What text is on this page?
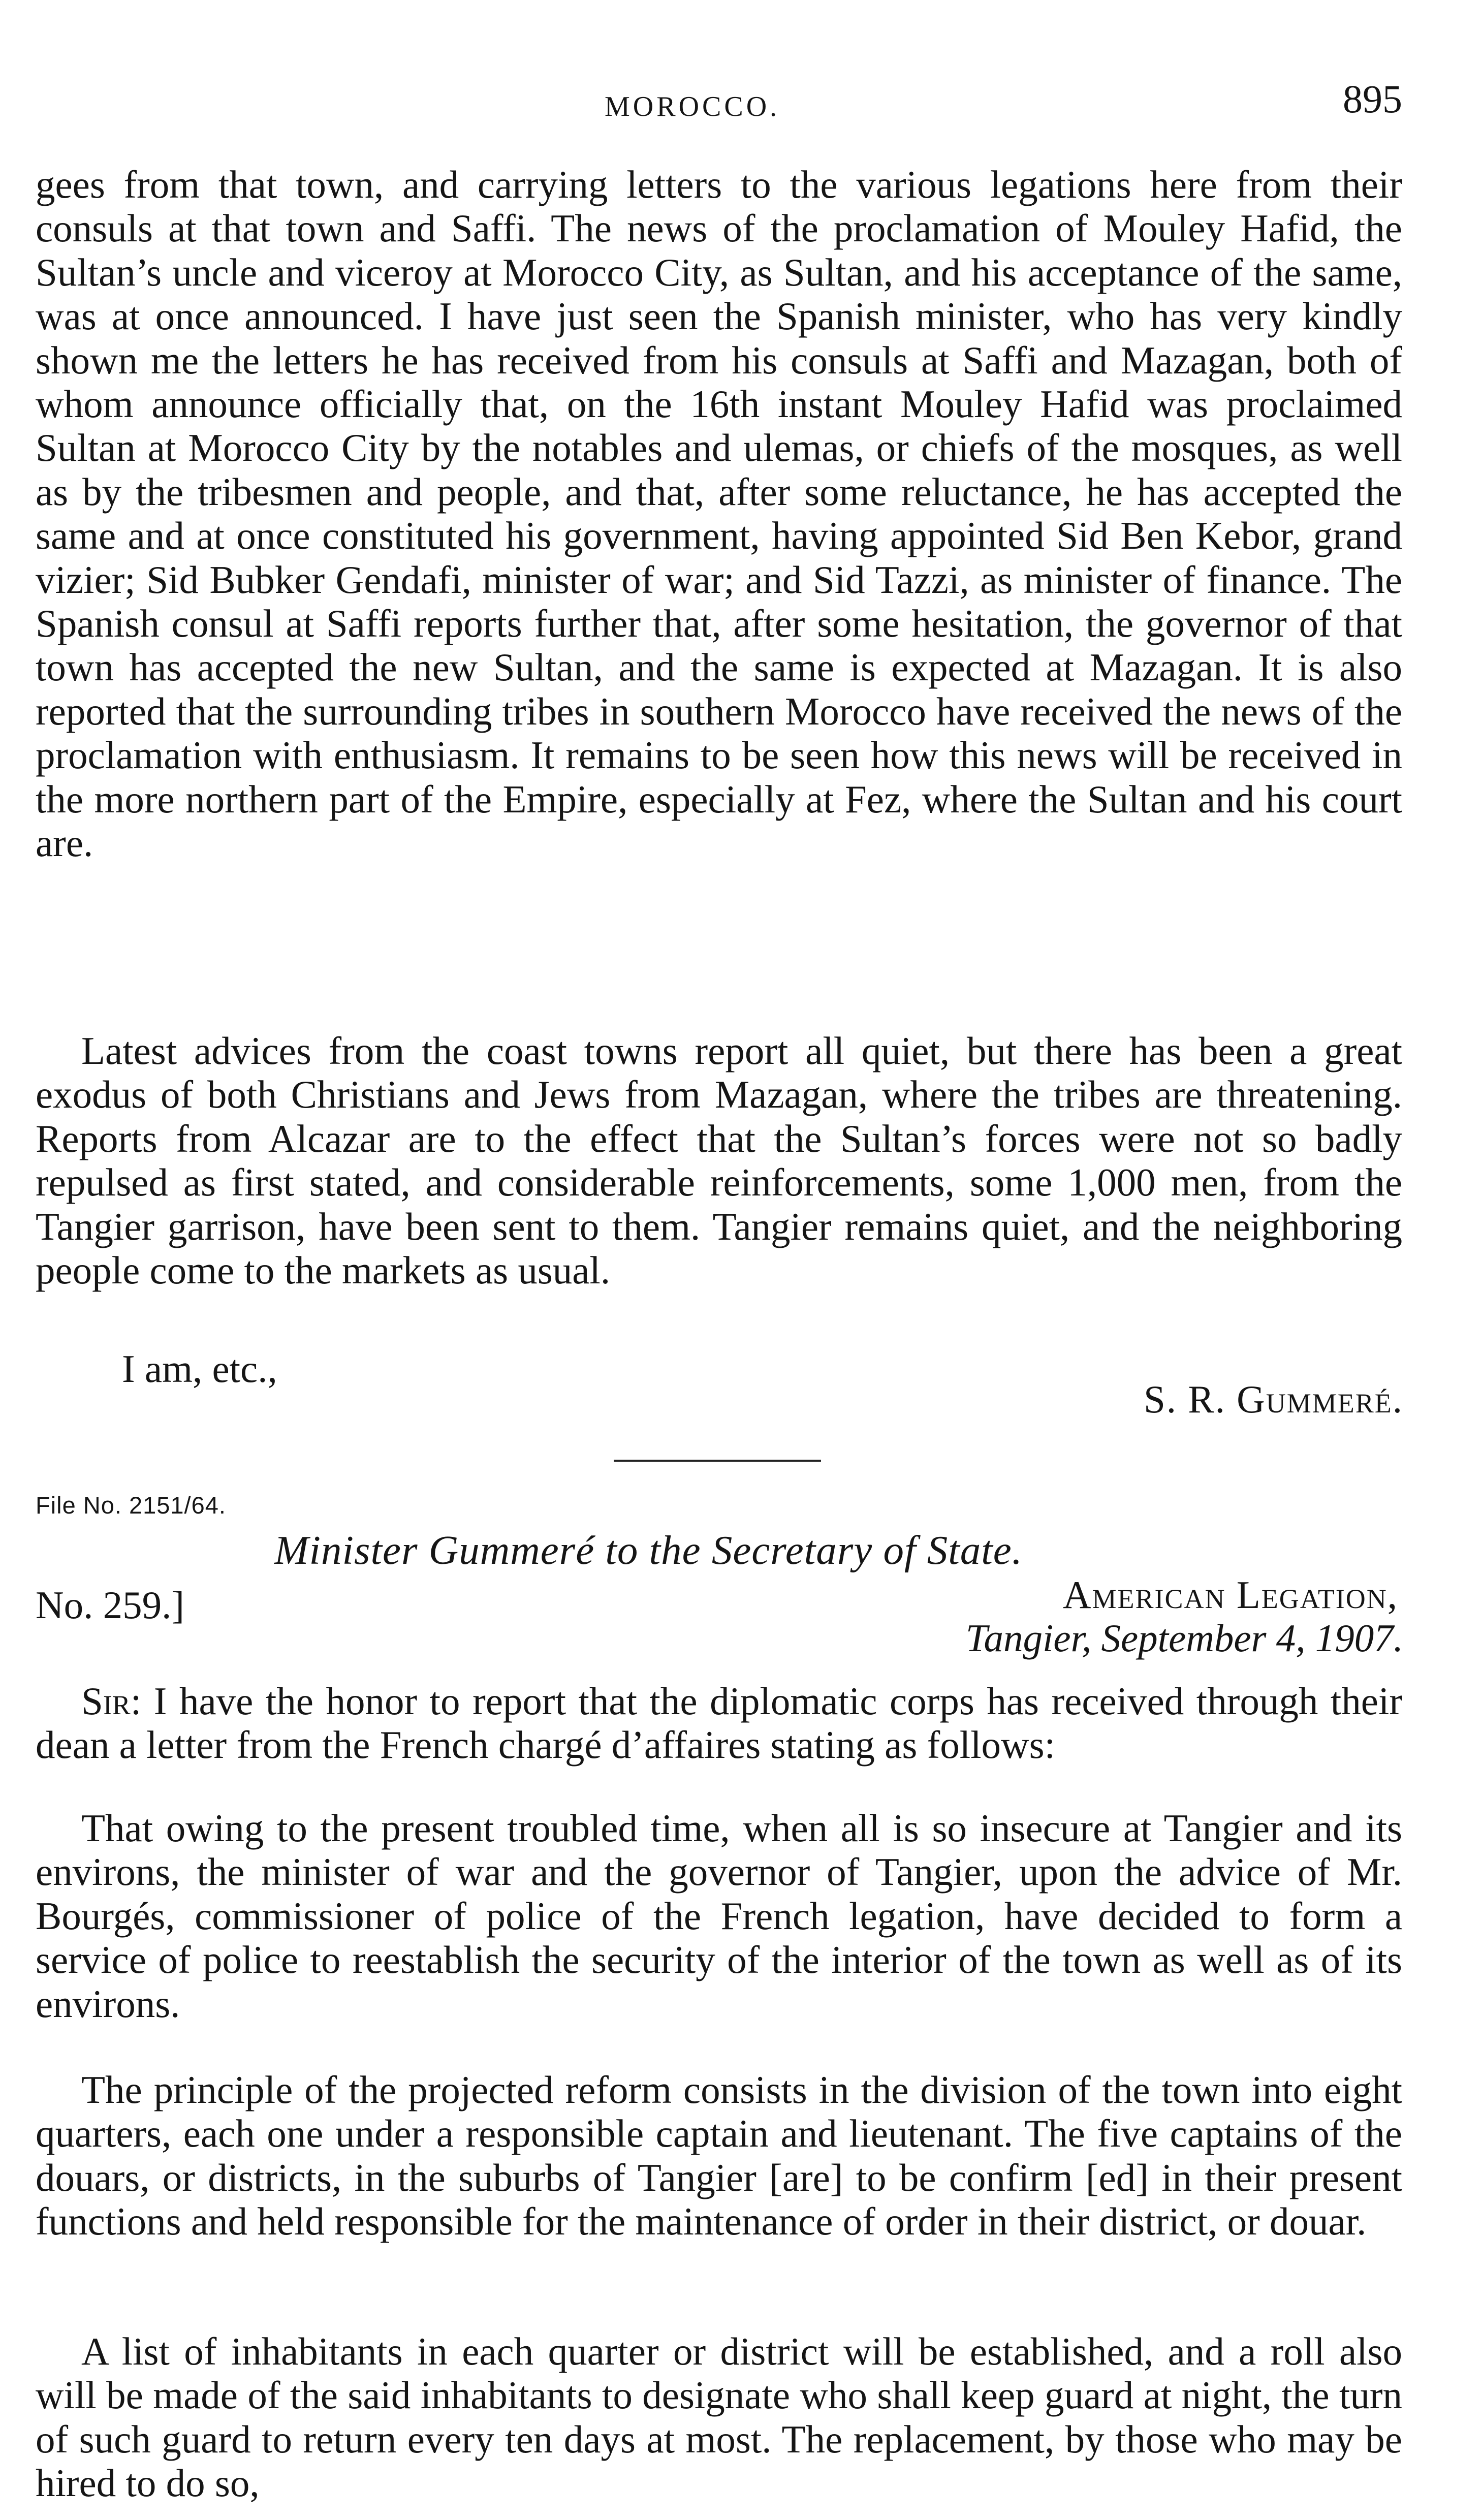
MOROCCO.	895

gees from that town, and carrying letters to the various legations here from their consuls at that town and Saffi. The news of the proclamation of Mouley Hafid, the Sultan’s uncle and viceroy at Morocco City, as Sultan, and his acceptance of the same, was at once announced. I have just seen the Spanish minister, who has very kindly shown me the letters he has received from his consuls at Saffi and Mazagan, both of whom announce officially that, on the 16th instant Mouley Hafid was proclaimed Sultan at Morocco City by the notables and ulemas, or chiefs of the mosques, as well as by the tribesmen and people, and that, after some reluctance, he has accepted the same and at once constituted his government, having appointed Sid Ben Kebor, grand vizier; Sid Bubker Gendafi, minister of war; and Sid Tazzi, as minister of finance. The Spanish consul at Saffi reports further that, after some hesitation, the governor of that town has accepted the new Sultan, and the same is expected at Mazagan. It is also reported that the surrounding tribes in southern Morocco have received the news of the proclamation with enthusiasm. It remains to be seen how this news will be received in the more northern part of the Empire, especially at Fez, where the Sultan and his court are.

Latest advices from the coast towns report all quiet, but there has been a great exodus of both Christians and Jews from Mazagan, where the tribes are threatening. Reports from Alcazar are to the effect that the Sultan’s forces were not so badly repulsed as first stated, and considerable reinforcements, some 1,000 men, from the Tangier garrison, have been sent to them. Tangier remains quiet, and the neighboring people come to the markets as usual.

I am, etc.,
S. R. Gummeré.
File No. 2151/64.
Minister Gummeré to the Secretary of State.
No. 259.]	American Legation,
Tangier, September 4, 1907.

Sir: I have the honor to report that the diplomatic corps has received through their dean a letter from the French chargé d’affaires stating as follows:

That owing to the present troubled time, when all is so insecure at Tangier and its environs, the minister of war and the governor of Tangier, upon the advice of Mr. Bourgés, commissioner of police of the French legation, have decided to form a service of police to reestablish the security of the interior of the town as well as of its environs.

The principle of the projected reform consists in the division of the town into eight quarters, each one under a responsible captain and lieutenant. The five captains of the douars, or districts, in the suburbs of Tangier [are] to be confirm [ed] in their present functions and held responsible for the maintenance of order in their district, or douar.

A list of inhabitants in each quarter or district will be established, and a roll also will be made of the said inhabitants to designate who shall keep guard at night, the turn of such guard to return every ten days at most. The replacement, by those who may be hired to do so,
